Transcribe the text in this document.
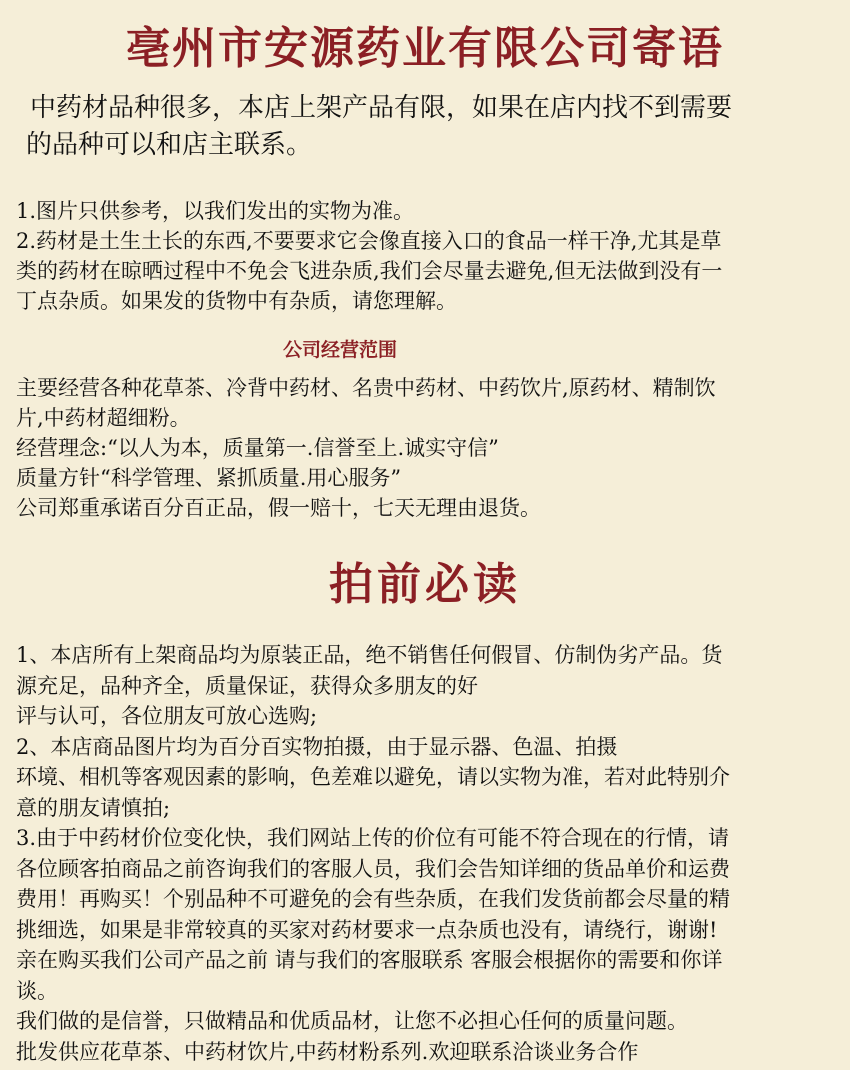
亳州市安源药业有限公司寄语

中药材品种很多，本店上架产品有限，如果在店内找不到需要
的品种可以和店主联系。

1.图片只供参考，以我们发出的实物为准。
2.药材是土生土长的东西,不要要求它会像直接入口的食品一样干净,尤其是草
类的药材在晾晒过程中不免会飞进杂质,我们会尽量去避免,但无法做到没有一
丁点杂质。如果发的货物中有杂质，请您理解。
公司经营范围
主要经营各种花草茶、冷背中药材、名贵中药材、中药饮片,原药材、精制饮
片,中药材超细粉。
经营理念:“以人为本，质量第一.信誉至上.诚实守信”
质量方针“科学管理、紧抓质量.用心服务”
公司郑重承诺百分百正品，假一赔十，七天无理由退货。
拍前必读
1、本店所有上架商品均为原装正品，绝不销售任何假冒、仿制伪劣产品。货
源充足，品种齐全，质量保证，获得众多朋友的好
评与认可，各位朋友可放心选购;
2、本店商品图片均为百分百实物拍摄，由于显示器、色温、拍摄
环境、相机等客观因素的影响，色差难以避免，请以实物为准，若对此特别介
意的朋友请慎拍;
3.由于中药材价位变化快，我们网站上传的价位有可能不符合现在的行情，请
各位顾客拍商品之前咨询我们的客服人员，我们会告知详细的货品单价和运费
费用！再购买！个别品种不可避免的会有些杂质，在我们发货前都会尽量的精
挑细选，如果是非常较真的买家对药材要求一点杂质也没有，请绕行，谢谢!
亲在购买我们公司产品之前 请与我们的客服联系 客服会根据你的需要和你详
谈。
我们做的是信誉，只做精品和优质品材，让您不必担心任何的质量问题。
批发供应花草茶、中药材饮片,中药材粉系列.欢迎联系洽谈业务合作
